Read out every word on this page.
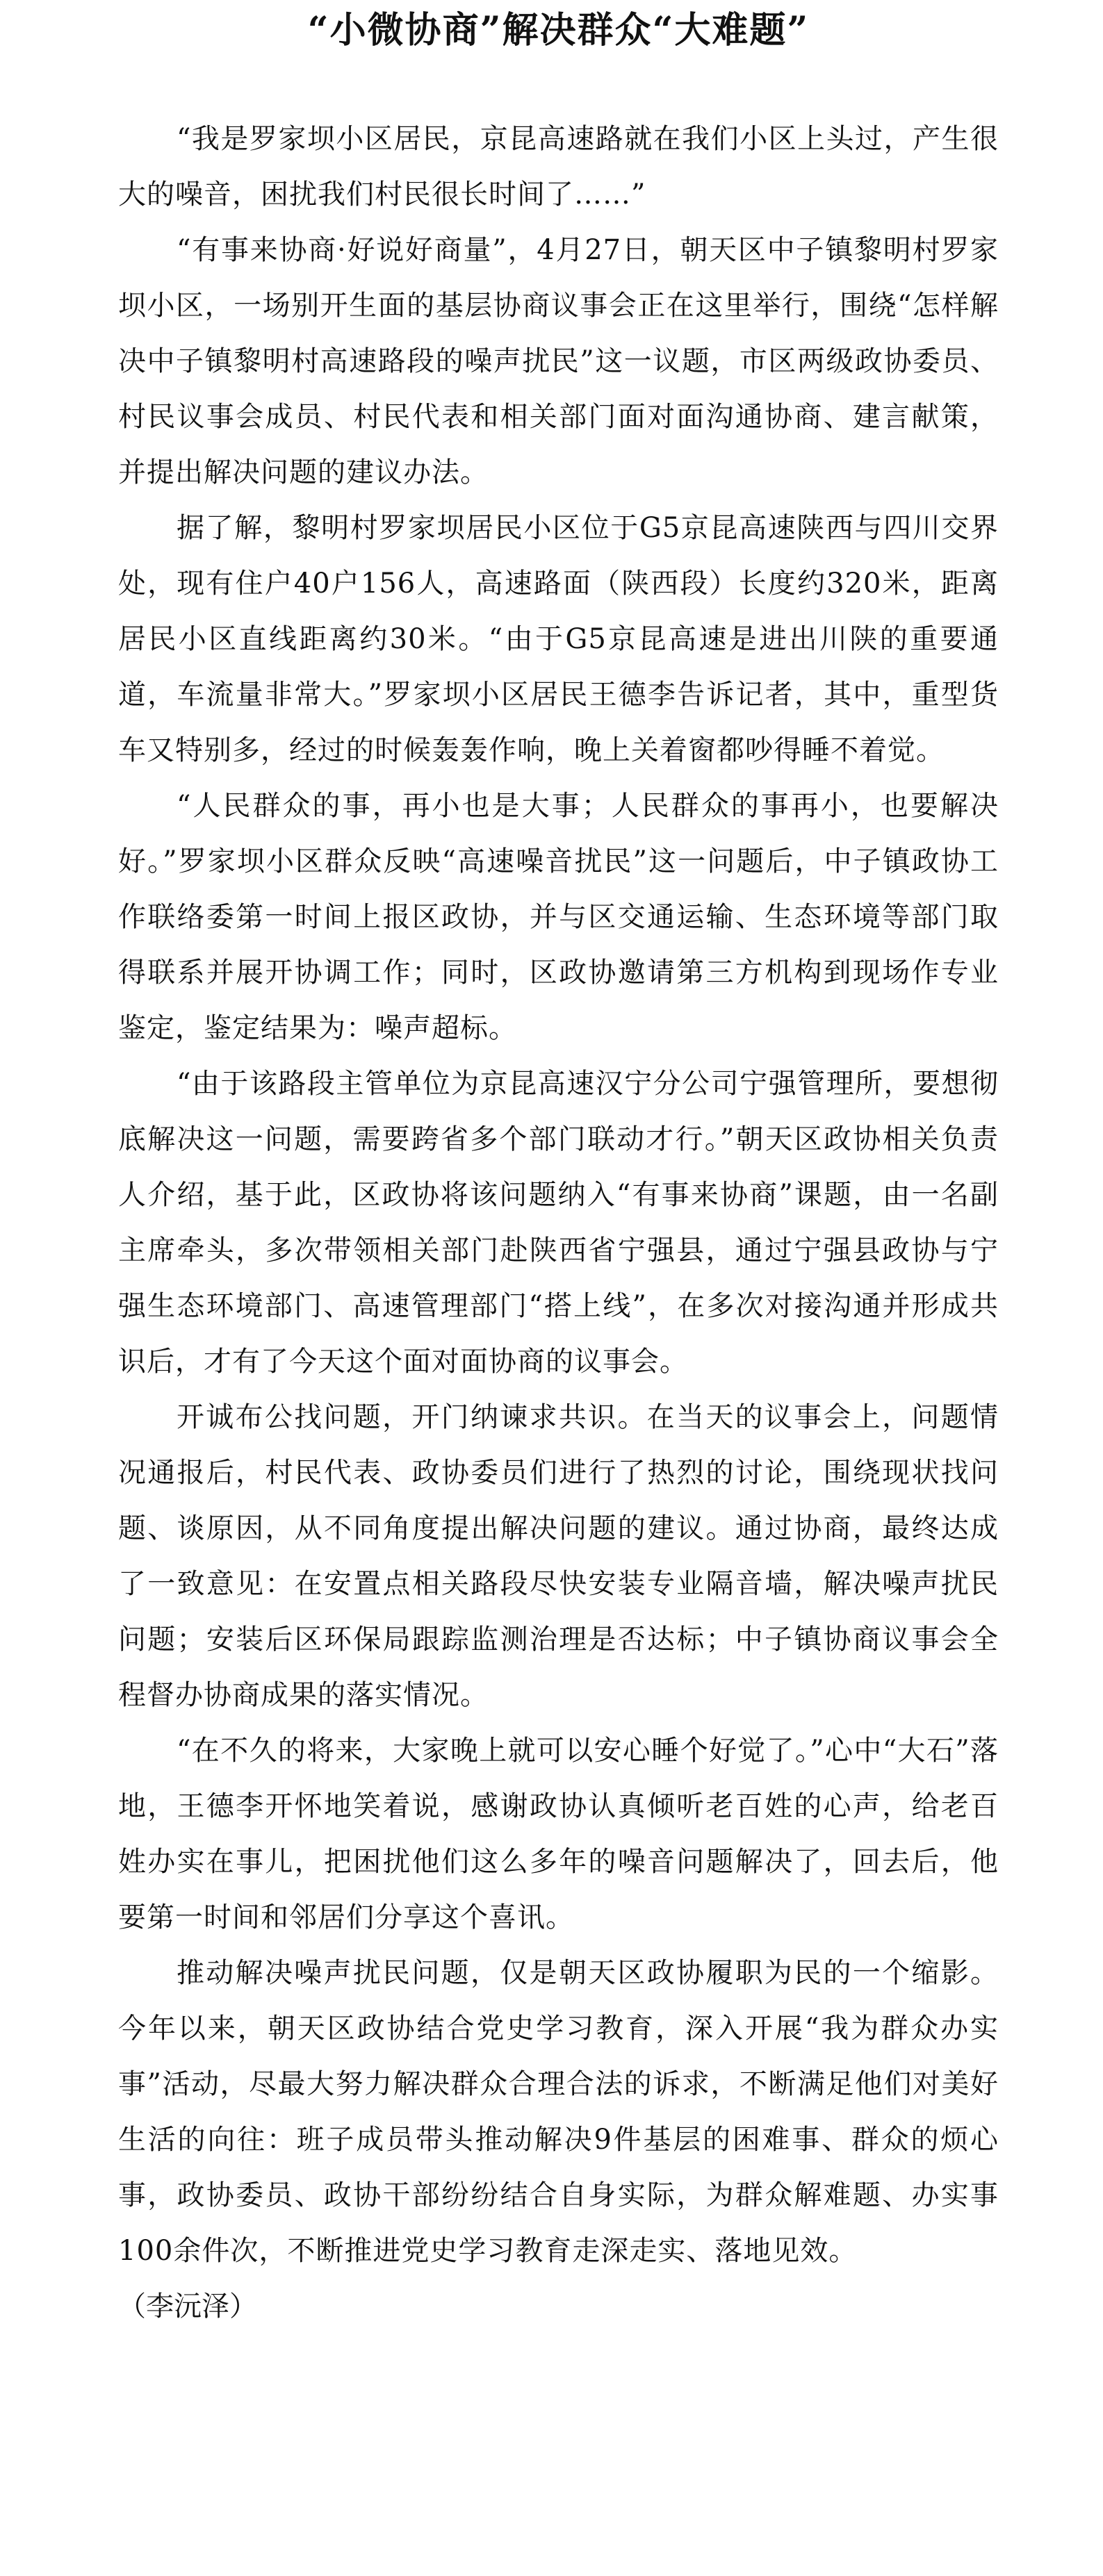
“小微协商”解决群众“大难题”

“我是罗家坝小区居民，京昆高速路就在我们小区上头过，产生很大的噪音，困扰我们村民很长时间了……”

“有事来协商·好说好商量”，4月27日，朝天区中子镇黎明村罗家坝小区，一场别开生面的基层协商议事会正在这里举行，围绕“怎样解决中子镇黎明村高速路段的噪声扰民”这一议题，市区两级政协委员、村民议事会成员、村民代表和相关部门面对面沟通协商、建言献策，并提出解决问题的建议办法。

据了解，黎明村罗家坝居民小区位于G5京昆高速陕西与四川交界处，现有住户40户156人，高速路面（陕西段）长度约320米，距离居民小区直线距离约30米。“由于G5京昆高速是进出川陕的重要通道，车流量非常大。”罗家坝小区居民王德李告诉记者，其中，重型货车又特别多，经过的时候轰轰作响，晚上关着窗都吵得睡不着觉。

“人民群众的事，再小也是大事；人民群众的事再小，也要解决好。”罗家坝小区群众反映“高速噪音扰民”这一问题后，中子镇政协工作联络委第一时间上报区政协，并与区交通运输、生态环境等部门取得联系并展开协调工作；同时，区政协邀请第三方机构到现场作专业鉴定，鉴定结果为：噪声超标。

“由于该路段主管单位为京昆高速汉宁分公司宁强管理所，要想彻底解决这一问题，需要跨省多个部门联动才行。”朝天区政协相关负责人介绍，基于此，区政协将该问题纳入“有事来协商”课题，由一名副主席牵头，多次带领相关部门赴陕西省宁强县，通过宁强县政协与宁强生态环境部门、高速管理部门“搭上线”，在多次对接沟通并形成共识后，才有了今天这个面对面协商的议事会。

开诚布公找问题，开门纳谏求共识。在当天的议事会上，问题情况通报后，村民代表、政协委员们进行了热烈的讨论，围绕现状找问题、谈原因，从不同角度提出解决问题的建议。通过协商，最终达成了一致意见：在安置点相关路段尽快安装专业隔音墙，解决噪声扰民问题；安装后区环保局跟踪监测治理是否达标；中子镇协商议事会全程督办协商成果的落实情况。

“在不久的将来，大家晚上就可以安心睡个好觉了。”心中“大石”落地，王德李开怀地笑着说，感谢政协认真倾听老百姓的心声，给老百姓办实在事儿，把困扰他们这么多年的噪音问题解决了，回去后，他要第一时间和邻居们分享这个喜讯。

推动解决噪声扰民问题，仅是朝天区政协履职为民的一个缩影。今年以来，朝天区政协结合党史学习教育，深入开展“我为群众办实事”活动，尽最大努力解决群众合理合法的诉求，不断满足他们对美好生活的向往：班子成员带头推动解决9件基层的困难事、群众的烦心事，政协委员、政协干部纷纷结合自身实际，为群众解难题、办实事100余件次，不断推进党史学习教育走深走实、落地见效。

（李沅泽）
